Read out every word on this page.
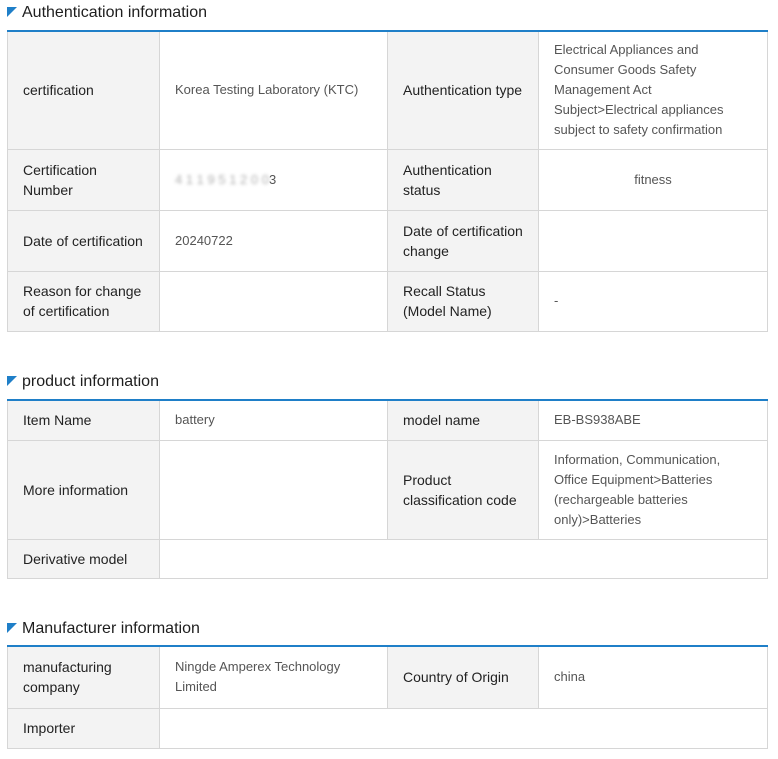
Authentication information
certification	Korea Testing Laboratory (KTC)	Authentication type	Electrical Appliances and Consumer Goods Safety Management Act Subject>Electrical appliances subject to safety confirmation
Certification Number	4 1 1 9 5 1 2 0 03	Authentication status	fitness
Date of certification	20240722	Date of certification change	
Reason for change of certification		Recall Status (Model Name)	-
product information
Item Name	battery	model name	EB-BS938ABE
More information		Product classification code	Information, Communication, Office Equipment>Batteries (rechargeable batteries only)>Batteries
Derivative model			
Manufacturer information
manufacturing company	Ningde Amperex Technology Limited	Country of Origin	china
Importer			
